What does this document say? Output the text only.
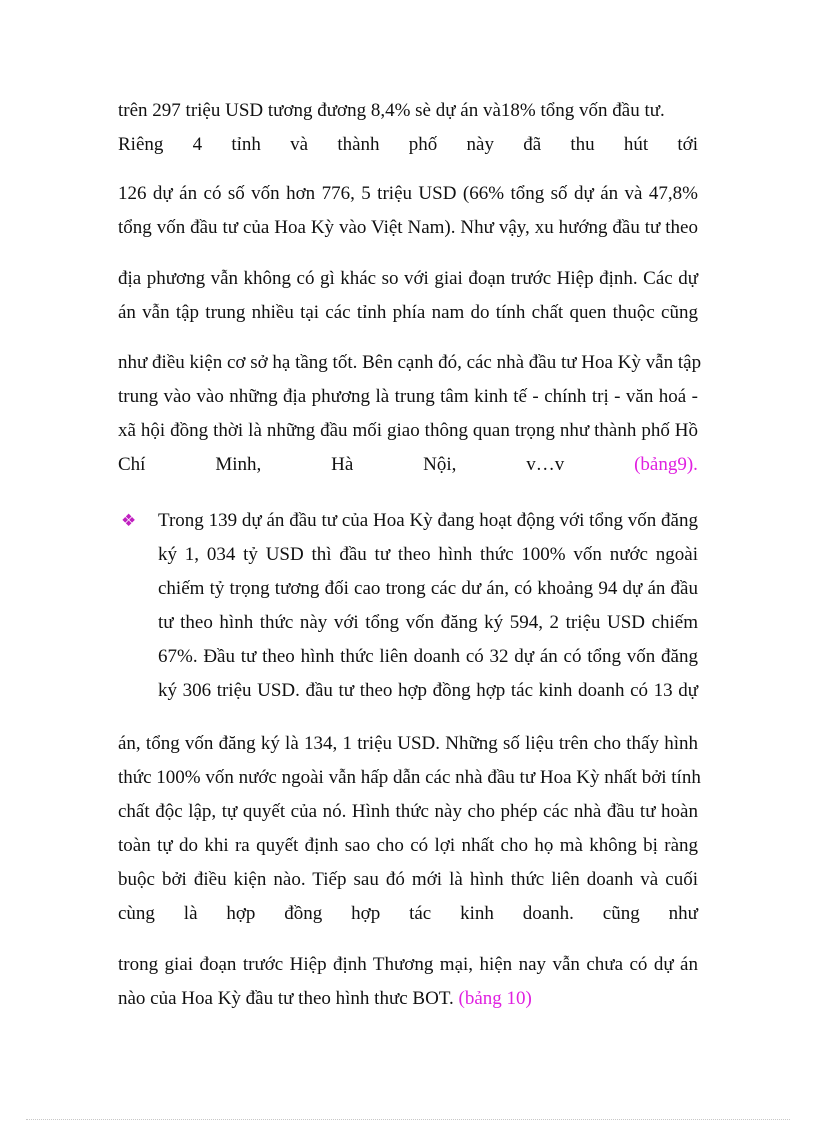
trên 297 triệu USD tương đương 8,4% sè dự án và18% tổng vốn đầu tư.
Riêng 4 tỉnh và thành phố này đã thu hút tới
126 dự án có số vốn hơn 776, 5 triệu USD (66% tổng số dự án và 47,8%
tổng vốn đầu tư của Hoa Kỳ vào Việt Nam). Như vậy, xu hướng đầu tư theo
địa phương vẫn không có gì khác so với giai đoạn trước Hiệp định. Các dự
án vẫn tập trung nhiều tại các tỉnh phía nam do tính chất quen thuộc cũng
như điều kiện cơ sở hạ tầng tốt. Bên cạnh đó, các nhà đầu tư Hoa Kỳ vẫn tập
trung vào vào những địa phương là trung tâm kinh tế - chính trị - văn hoá -
xã hội đồng thời là những đầu mối giao thông quan trọng như thành phố Hồ
Chí	Minh,	Hà	Nội,	v…v	(bảng9).
❖ Trong 139 dự án đầu tư của Hoa Kỳ đang hoạt động với tổng vốn đăng
ký 1, 034 tỷ USD thì đầu tư theo hình thức 100% vốn nước ngoài
chiếm tỷ trọng tương đối cao trong các dư án, có khoảng 94 dự án đầu
tư theo hình thức này với tổng vốn đăng ký 594, 2 triệu USD chiếm
67%. Đầu tư theo hình thức liên doanh có 32 dự án có tổng vốn đăng
ký 306 triệu USD. đầu tư theo hợp đồng hợp tác kinh doanh có 13 dự
án, tổng vốn đăng ký là 134, 1 triệu USD. Những số liệu trên cho thấy hình
thức 100% vốn nước ngoài vẫn hấp dẫn các nhà đầu tư Hoa Kỳ nhất bởi tính
chất độc lập, tự quyết của nó. Hình thức này cho phép các nhà đầu tư hoàn
toàn tự do khi ra quyết định sao cho có lợi nhất cho họ mà không bị ràng
buộc bởi điều kiện nào. Tiếp sau đó mới là hình thức liên doanh và cuối
cùng là hợp đồng hợp tác kinh doanh. cũng như
trong giai đoạn trước Hiệp định Thương mại, hiện nay vẫn chưa có dự án
nào của Hoa Kỳ đầu tư theo hình thưc BOT. (bảng 10)
